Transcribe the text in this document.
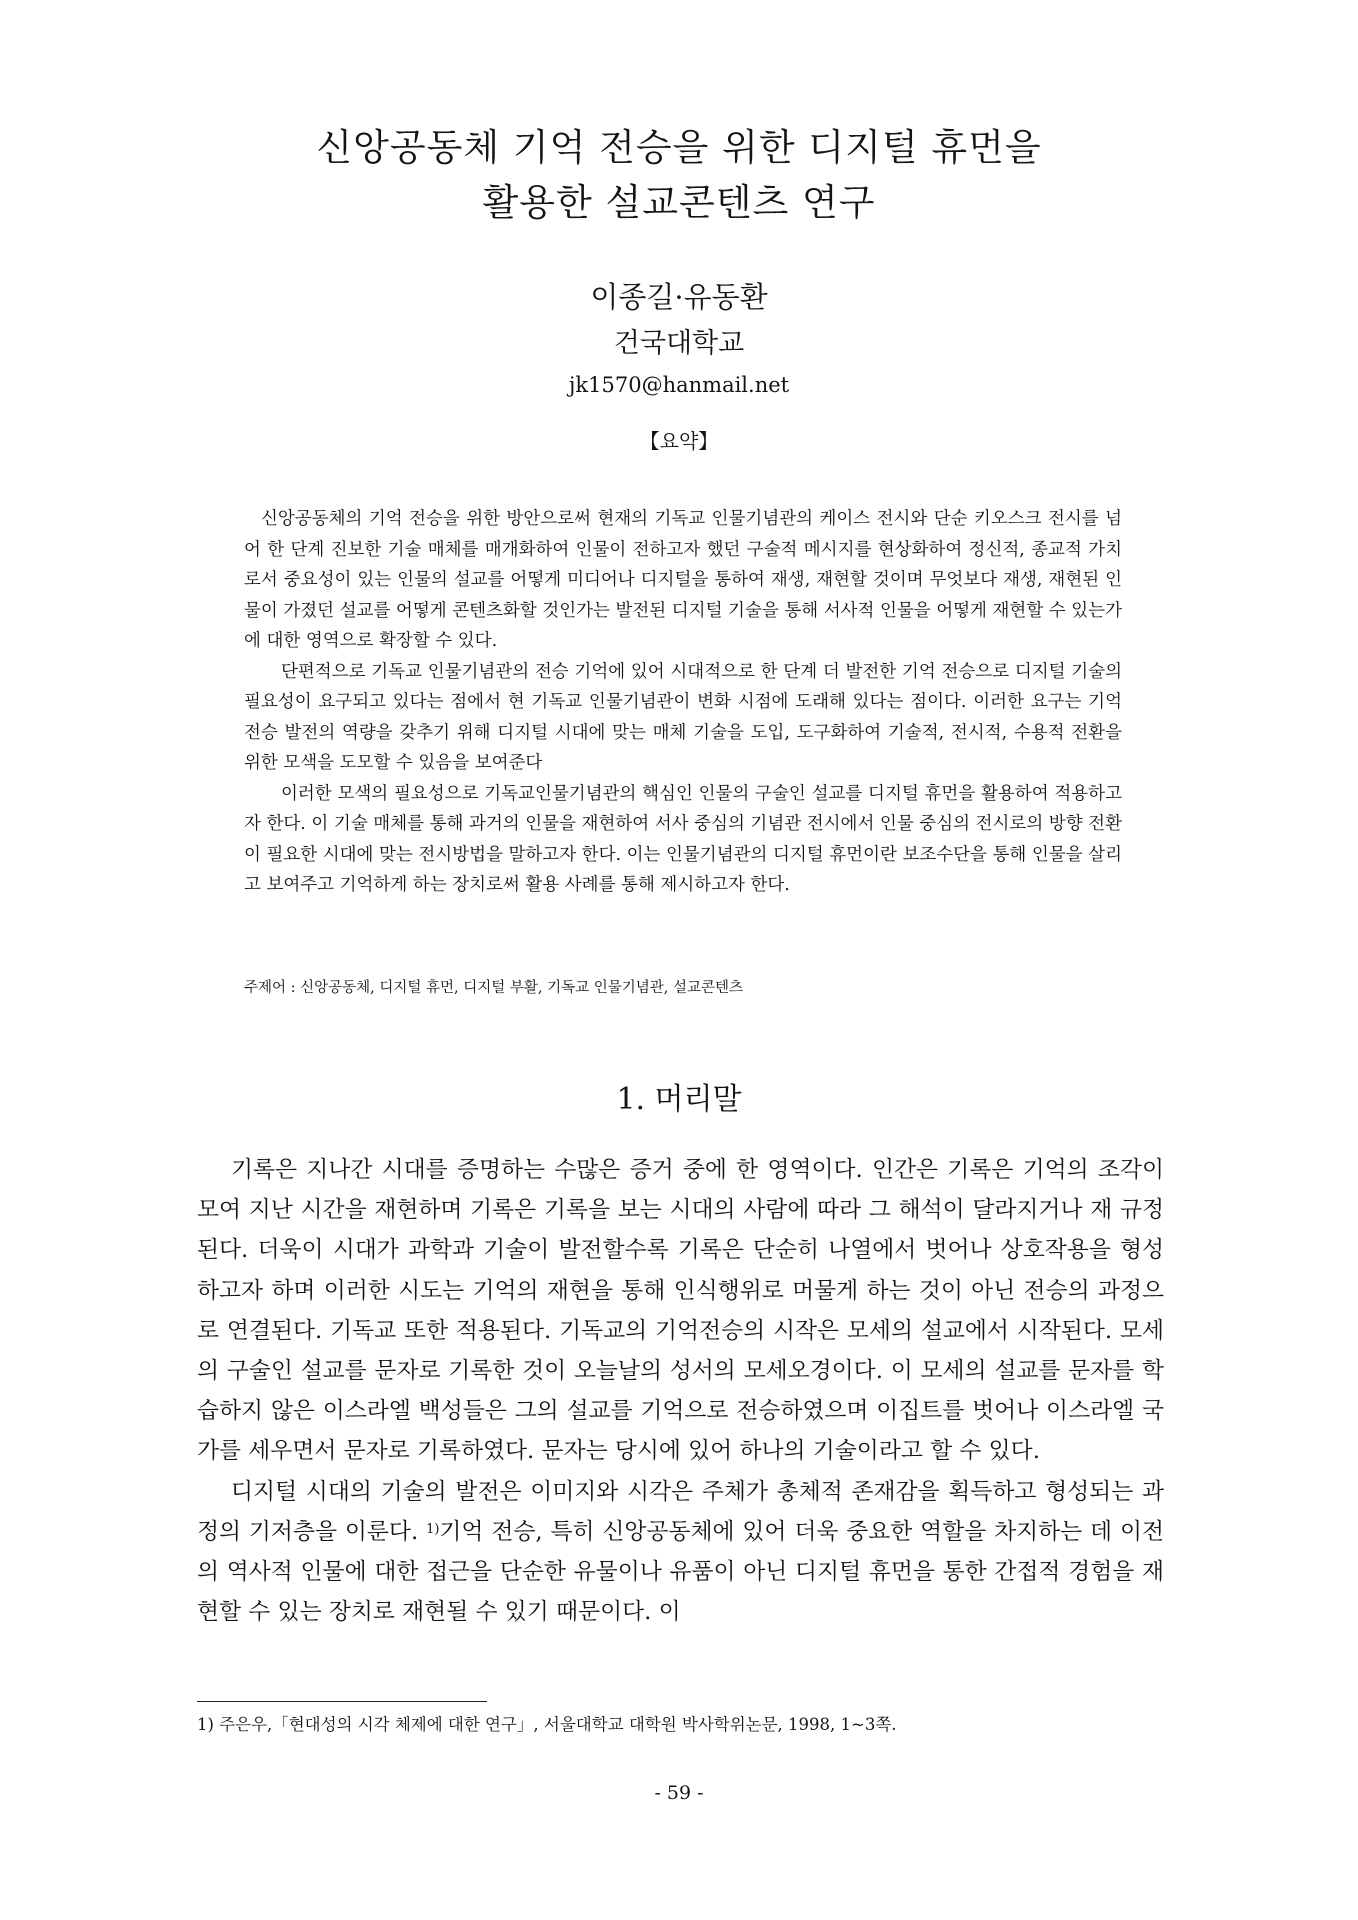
신앙공동체 기억 전승을 위한 디지털 휴먼을
활용한 설교콘텐츠 연구
이종길·유동환
건국대학교
jk1570@hanmail.net
【요약】

신앙공동체의 기억 전승을 위한 방안으로써 현재의 기독교 인물기념관의 케이스 전시와 단순 키오스크 전시를 넘어 한 단계 진보한 기술 매체를 매개화하여 인물이 전하고자 했던 구술적 메시지를 현상화하여 정신적, 종교적 가치로서 중요성이 있는 인물의 설교를 어떻게 미디어나 디지털을 통하여 재생, 재현할 것이며 무엇보다 재생, 재현된 인물이 가졌던 설교를 어떻게 콘텐츠화할 것인가는 발전된 디지털 기술을 통해 서사적 인물을 어떻게 재현할 수 있는가에 대한 영역으로 확장할 수 있다.

단편적으로 기독교 인물기념관의 전승 기억에 있어 시대적으로 한 단계 더 발전한 기억 전승으로 디지털 기술의 필요성이 요구되고 있다는 점에서 현 기독교 인물기념관이 변화 시점에 도래해 있다는 점이다. 이러한 요구는 기억 전승 발전의 역량을 갖추기 위해 디지털 시대에 맞는 매체 기술을 도입, 도구화하여 기술적, 전시적, 수용적 전환을 위한 모색을 도모할 수 있음을 보여준다

이러한 모색의 필요성으로 기독교인물기념관의 핵심인 인물의 구술인 설교를 디지털 휴먼을 활용하여 적용하고자 한다. 이 기술 매체를 통해 과거의 인물을 재현하여 서사 중심의 기념관 전시에서 인물 중심의 전시로의 방향 전환이 필요한 시대에 맞는 전시방법을 말하고자 한다. 이는 인물기념관의 디지털 휴먼이란 보조수단을 통해 인물을 살리고 보여주고 기억하게 하는 장치로써 활용 사례를 통해 제시하고자 한다.

주제어 : 신앙공동체, 디지털 휴먼, 디지털 부활, 기독교 인물기념관, 설교콘텐츠
1. 머리말

기록은 지나간 시대를 증명하는 수많은 증거 중에 한 영역이다. 인간은 기록은 기억의 조각이 모여 지난 시간을 재현하며 기록은 기록을 보는 시대의 사람에 따라 그 해석이 달라지거나 재 규정된다. 더욱이 시대가 과학과 기술이 발전할수록 기록은 단순히 나열에서 벗어나 상호작용을 형성하고자 하며 이러한 시도는 기억의 재현을 통해 인식행위로 머물게 하는 것이 아닌 전승의 과정으로 연결된다. 기독교 또한 적용된다. 기독교의 기억전승의 시작은 모세의 설교에서 시작된다. 모세의 구술인 설교를 문자로 기록한 것이 오늘날의 성서의 모세오경이다. 이 모세의 설교를 문자를 학습하지 않은 이스라엘 백성들은 그의 설교를 기억으로 전승하였으며 이집트를 벗어나 이스라엘 국가를 세우면서 문자로 기록하였다. 문자는 당시에 있어 하나의 기술이라고 할 수 있다.

디지털 시대의 기술의 발전은 이미지와 시각은 주체가 총체적 존재감을 획득하고 형성되는 과정의 기저층을 이룬다. $^{1)}$기억 전승, 특히 신앙공동체에 있어 더욱 중요한 역할을 차지하는 데 이전의 역사적 인물에 대한 접근을 단순한 유물이나 유품이 아닌 디지털 휴먼을 통한 간접적 경험을 재현할 수 있는 장치로 재현될 수 있기 때문이다. 이

1) 주은우,「현대성의 시각 체제에 대한 연구」, 서울대학교 대학원 박사학위논문, 1998, 1~3쪽.
- 59 -
